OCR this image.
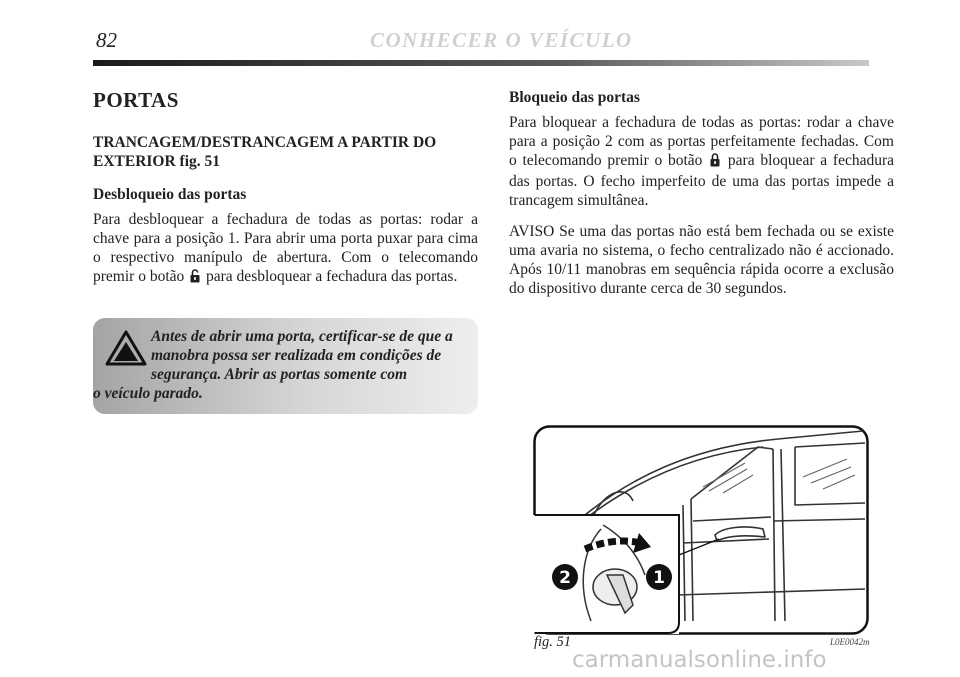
82	CONHECER O VEÍCULO
PORTAS
TRANCAGEM/DESTRANCAGEM A PARTIR DO EXTERIOR fig. 51
Desbloqueio das portas

Para desbloquear a fechadura de todas as portas: rodar a chave para a posição 1. Para abrir uma porta puxar para cima o respectivo manípulo de abertura. Com o telecomando premir o botão para desbloquear a fechadura das portas.

Antes de abrir uma porta, certificar-se de que a manobra possa ser realizada em condições de segurança. Abrir as portas somente com
o veículo parado.
Bloqueio das portas

Para bloquear a fechadura de todas as portas: rodar a chave para a posição 2 com as portas perfeitamente fechadas. Com o telecomando premir o botão para bloquear a fechadura das portas. O fecho imperfeito de uma das portas impede a trancagem simultânea.

AVISO Se uma das portas não está bem fechada ou se existe uma avaria no sistema, o fecho centralizado não é accionado. Após 10/11 manobras em sequência rápida ocorre a exclusão do dispositivo durante cerca de 30 segundos.

2	1
fig. 51	L0E0042m
carmanualsonline.info
